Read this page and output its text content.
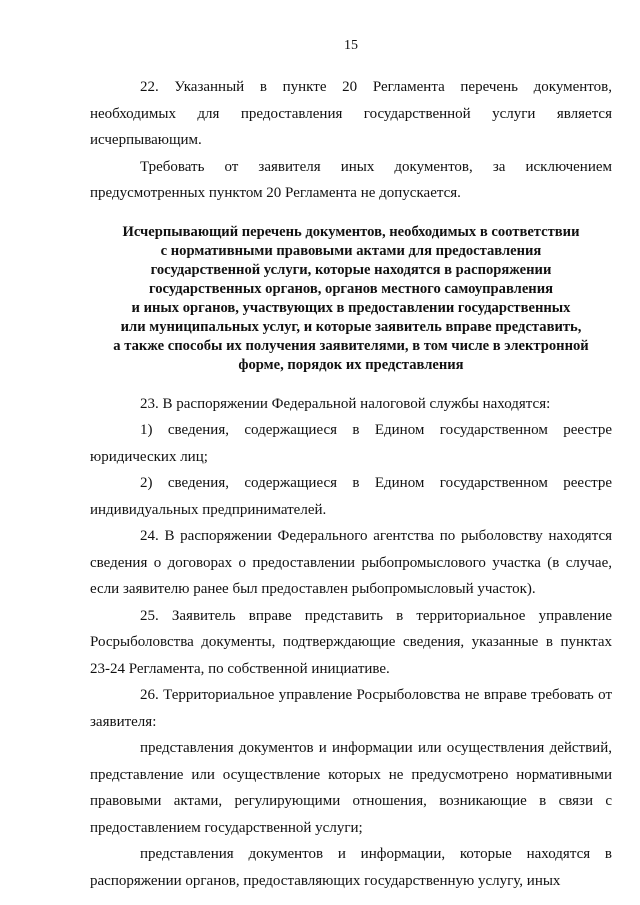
15

22. Указанный в пункте 20 Регламента перечень документов, необходимых для предоставления государственной услуги является исчерпывающим.

Требовать от заявителя иных документов, за исключением предусмотренных пунктом 20 Регламента не допускается.

Исчерпывающий перечень документов, необходимых в соответствии
с нормативными правовыми актами для предоставления
государственной услуги, которые находятся в распоряжении
государственных органов, органов местного самоуправления
и иных органов, участвующих в предоставлении государственных
или муниципальных услуг, и которые заявитель вправе представить,
а также способы их получения заявителями, в том числе в электронной
форме, порядок их представления

23. В распоряжении Федеральной налоговой службы находятся:

1) сведения, содержащиеся в Едином государственном реестре юридических лиц;

2) сведения, содержащиеся в Едином государственном реестре индивидуальных предпринимателей.

24. В распоряжении Федерального агентства по рыболовству находятся сведения о договорах о предоставлении рыбопромыслового участка (в случае, если заявителю ранее был предоставлен рыбопромысловый участок).

25. Заявитель вправе представить в территориальное управление Росрыболовства документы, подтверждающие сведения, указанные в пунктах 23-24 Регламента, по собственной инициативе.

26. Территориальное управление Росрыболовства не вправе требовать от заявителя:

представления документов и информации или осуществления действий, представление или осуществление которых не предусмотрено нормативными правовыми актами, регулирующими отношения, возникающие в связи с предоставлением государственной услуги;

представления документов и информации, которые находятся в распоряжении органов, предоставляющих государственную услугу, иных
